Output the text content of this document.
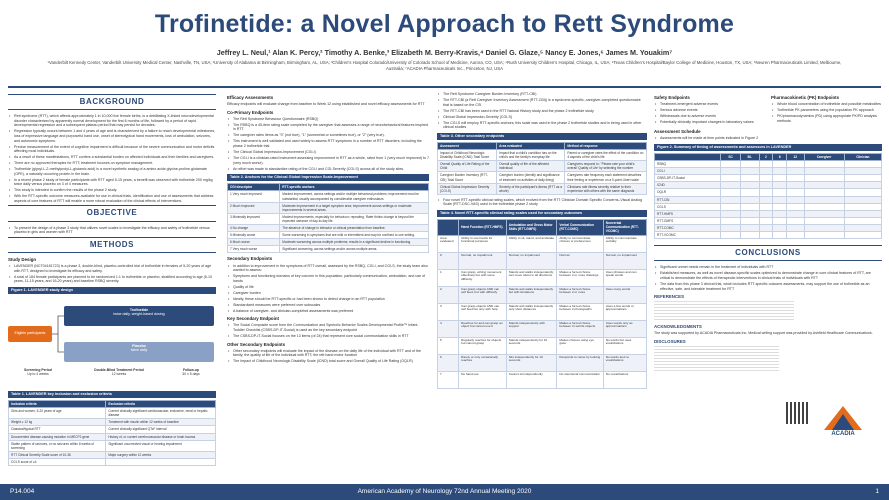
Trofinetide: a Novel Approach to Rett Syndrome
Jeffrey L. Neul,¹ Alan K. Percy,² Timothy A. Benke,³ Elizabeth M. Berry-Kravis,⁴ Daniel G. Glaze,⁵ Nancy E. Jones,⁶ James M. Youakim⁷
¹Vanderbilt Kennedy Center, Vanderbilt University Medical Center, Nashville, TN, USA; ²University of Alabama at Birmingham, Birmingham, AL, USA; ³Children's Hospital Colorado/University of Colorado School of Medicine, Aurora, CO, USA; ⁴Rush University Children's Hospital, Chicago, IL, USA; ⁵Texas Children's Hospital/Baylor College of Medicine, Houston, TX, USA; ⁶Neuren Pharmaceuticals Limited, Melbourne, Australia; ⁷ACADIA Pharmaceuticals Inc., Princeton, NJ, USA
BACKGROUND
• Rett syndrome (RTT), which affects approximately 1 in 10,000 live female births, is a debilitating X-linked neurodevelopmental disorder characterized by apparently normal development for the first 6 months of life, followed by a period of rapid developmental regression and a subsequent plateau period that may persist for decades.
• Regression typically occurs between 1 and 4 years of age and is characterized by a failure to reach developmental milestones, loss of expressive language and purposeful hand use, onset of stereotypical hand movements, loss of ambulation, seizures, and autonomic symptoms.
• Precise measurement of the extent of cognitive impairment is difficult because of the severe communication and motor deficits affecting most individuals.
• As a result of these manifestations, RTT confers a substantial burden on affected individuals and their families and caregivers.
• There are no approved therapies for RTT; treatment focuses on symptom management.
• Trofinetide (glycyl-L-2-methylprolyl-L-glutamic acid) is a novel synthetic analog of a amino acids glycine-proline-glutamate (GPE), a naturally occurring protein in the brain.
• In a recent phase 2 study of female participants with RTT aged 5-15 years, a benefit was observed with trofinetide 200 mg/kg twice daily versus placebo on 3 of 4 measures.
• This study is intended to confirm the results of the phase 2 study.
• With the RTT-specific outcome measures available for use in clinical trials, identification and use of assessments that address aspects of core features of RTT will enable a more robust evaluation of the clinical effects of interventions.
OBJECTIVE
• To present the design of a phase 3 study that utilizes novel scales to investigate the efficacy and safety of trofinetide versus placebo in girls and women with RTT
METHODS
Study Design
• LAVENDER (NCT04181723) is a phase 3, double-blind, placebo-controlled trial of trofinetide in females of 5-20 years of age with RTT, designed to investigate its efficacy and safety.
• A total of 184 female participants are planned to be randomized 1:1 to trofinetide or placebo, stratified according to age (5-10 years, 11-15 years, and 16-20 years) and baseline RSBQ severity.
Figure 1. LAVENDER study design
Eligible participants
Trofinetide
twice daily, weight-based dosing
Placebo
twice daily
Screening Period
Up to 4 weeks
Double-Blind Treatment Period
12 weeks
Follow-up
30 ± 5 days
Table 1. LAVENDER key inclusion and exclusion criteria
Inclusion criteria	Exclusion criteria
Girls and women, 5-20 years of age	Current clinically significant cardiovascular, endocrine, renal or hepatic disease
Weight ≥ 12 kg	Treatment with insulin within 12 weeks of baseline
Classical/typical RTT	Current clinically significant QTcF interval
Documented disease-causing mutation in MECP2 gene	History of, or current cerebrovascular disease or brain trauma
Stable pattern of seizures, or no seizures within 8 weeks of screening	Significant uncorrected visual or hearing impairment
RTT Clinical Severity Scale score of 10-36	Major surgery within 12 weeks
CGI-S score of ≥4	
Efficacy Assessments
Efficacy endpoints will evaluate change from baseline to Week 12 using established and novel efficacy assessments for RTT
Co-Primary Endpoints
• The Rett Syndrome Behaviour Questionnaire (RSBQ)
• The RSBQ is a 45-item rating scale completed by the caregiver that assesses a range of neurobehavioral features inspired in RTT.
• The caregiver rates items as "0" (not true), "1" (somewhat or sometimes true), or "2" (very true).
• This instrument is well validated and used widely to assess RTT symptoms in a number of RTT disorders, including the phase 2 trofinetide trial.
• The Clinical Global Impression-Improvement (CGI-I)
• The CGI-I is a clinician-rated instrument assessing improvement in RTT as a whole, rated from 1 (very much improved) to 7 (very much worse).
• An effort was made to standardize rating of the CGI-I and CGI-Severity (CGI-S) across all of the study sites.
Table 2. Anchors for the Clinical Global Impression Scale-Improvement
CGI descriptor	RTT-specific anchors
1 Very much improved	Marked improvement, across settings and/or multiple behavioral problems; improvement must be substantial, usually accompanied by considerable caregiver enthusiasm.
2 Much improved	Moderate improvement in a target symptom area; improvement across settings or moderate improvements in several areas.
3 Minimally improved	Modest improvements, especially for behaviour; repeating. Rater thinks change is beyond the expected variance of day-to-day life.
4 No change	The absence of change in behavior or clinical presentation from baseline.
5 Minimally worse	Some worsening in symptoms that are mild or intermittent and may be confined to one setting.
6 Much worse	Moderate worsening across multiple problems; results in a significant decline in functioning.
7 Very much worse	Significant worsening, across settings and/or across multiple areas.
Secondary Endpoints
• In addition to improvement in the symptoms of RTT overall, assessed by the RSBQ, CGI-I, and CGI-S, the study team also wanted to assess:
• Symptoms and functioning domains of key concern in this population, particularly communication, ambulation, and use of hands
• Quality of life
• Caregiver burden
• Ideally, these should be RTT-specific or had been shown to detect change in an RTT population
• Standardized measures were preferred over subscales
• A balance of caregiver- and clinician-completed assessments was preferred
Key Secondary Endpoint
• The Social Composite score from the Communication and Symbolic Behavior Scales Developmental Profile™ Infant-Toddler Checklist (CSBS-DP-IT-Social) is used as the key secondary endpoint
• The CSBS-DP-IT-Social focuses on the 13 items (of 24) that represent core social communication skills in RTT
Other Secondary Endpoints
• Other secondary endpoints will evaluate the impact of the disease on the daily life of the individual with RTT and of the family; the quality of life of the individual with RTT; the rett hand motor function
• The Impact of Childhood Neurologic Disability Scale (ICND) total score and Overall Quality of Life Rating (OQLR)
• The Rett Syndrome Caregiver Burden Inventory (RTT-CBI)
• The RTT-CBI (a Rett Caregiver Inventory Assessment (RTT-CBI)) is a syndrome-specific, caregiver-completed questionnaire that is based on the CSI
• The RTT-CBI has been used in the RTT Natural History study and the phase 2 trofinetide study
• Clinical Global Impression-Severity (CGI-S)
• The CGI-S will employ RTT-specific anchors; this scale was used in the phase 2 trofinetide studies and is being used in other clinical studies
Table 3. Other secondary endpoints
Assessment	Area evaluated	Method of response
Impact of Childhood Neurologic Disability Scale (ICND) Total Score	Impact that a child's condition has on the child's and the family's everyday life	Parent or caregiver rates the effect of the condition on 4 aspects of the child's life
Overall Quality of Life Rating of the Child	Overall quality of life of the affected individual	Caregivers respond to: "Please rate your child's overall 'Quality of Life' by selecting the number
Caregiver Burden Inventory (RTT-CBI) Total Score	Caregiver burden (identify and significance of treatment on activities of daily living)	Caregivers rate frequency each statement describes their feeling or experience on a 5-point Likert scale
Clinical Global Impression Severity (CGI-S)	Severity of the participant's illness (RTT as a whole)	Clinicians rate illness severity relative to their experience with others with the same diagnosis
• Four novel RTT-specific clinical rating scales, which evolved from the RTT Clinician Domain Specific Concerns–Visual Analog Scale (RTT-DSC-VAS) used in the trofinetide phase 2 study
Table 4. Novel RTT-specific clinical rating scales used for secondary outcomes
	Hand Function (RTT-HMFS)	Ambulation and Gross Motor Skills (RTT-GMFS)	Verbal Communication (RTT-COMC)	Nonverbal Communication (RTT-VCOMC)
Area evaluated	Ability to use hands for functional purposes	Ability to sit, stand, and ambulate	Ability to communicate choices or preferences	Ability to communicate verbally
0	Normal, no impairment	Normal, no impairment	Normal	Normal, no impairment
1	Can grasp, writing movement effectively but with some difficulty	Stands and walks independently; can move about in all directions	Makes a forced choice between 2 or more drawings	Uses phrases and can speak words
2	Can grasp objects AND can self feed, but with difficulty	Stands and walks independently but with limitations	Makes a forced choice between 2 or more	Uses many words
3	Can grasp objects AND can self feed but only with help	Stands and walks independently only short distances	Makes a forced choice between 2 photographs	Uses a few words or approximations
4	Reaches for and can grasp an object but cannot use it	Stands independently with support	Makes a forced choice between 2 real life objects	Uses words only as approximations
5	Regularly reaches for objects but cannot grasp	Stands independently for 10 seconds	Makes choices using eye gaze	No words but uses vocalizations
6	Rarely or only occasionally reaches	Sits independently for 10 seconds	Responds to name by looking	No words and no vocalizations
7	No hand use	Cannot sit independently	No intentional communication	No vocalizations
Safety Endpoints
• Treatment-emergent adverse events
• Serious adverse events
• Withdrawals due to adverse events
• Potentially clinically important changes in laboratory values
Pharmacokinetic (PK) Endpoints
• Whole blood concentration of trofinetide and possible metabolites
• Trofinetide PK parameters using the population PK approach
• PK/pharmacodynamics (PD) using appropriate PK/PD analysis methods
Assessment Schedule
• Assessments will be made at time points indicated in Figure 2
Figure 2. Summary of timing of assessments and assessors in LAVENDER
	SC	BL	2	6	12	Caregiver	Clinician
RSBQ							
CGI-I							
CSBS-DP-IT-Social							
ICND							
OQLR							
RTT-CBI							
CGI-S							
RTT-HMFS							
RTT-GMFS							
RTT-COMC							
RTT-VCOMC							
CONCLUSIONS
• Significant unmet needs remain in the treatment of individuals with RTT
• Established measures, as well as novel disease-specific scales optimized to demonstrate change in core clinical features of RTT, are critical to demonstrate the effects of therapeutic interventions in clinical trials of individuals with RTT
• The data from this phase 3 clinical trial, which includes RTT-specific outcome assessments, may support the use of trofinetide as an effective, safe, and tolerable treatment for RTT
REFERENCES
ACKNOWLEDGMENTS
The study was supported by ACADIA Pharmaceuticals Inc. Medical writing support was provided by Ashfield Healthcare Communications.
DISCLOSURES
ACADIA
P14.004	American Academy of Neurology 72nd Annual Meeting 2020	1
